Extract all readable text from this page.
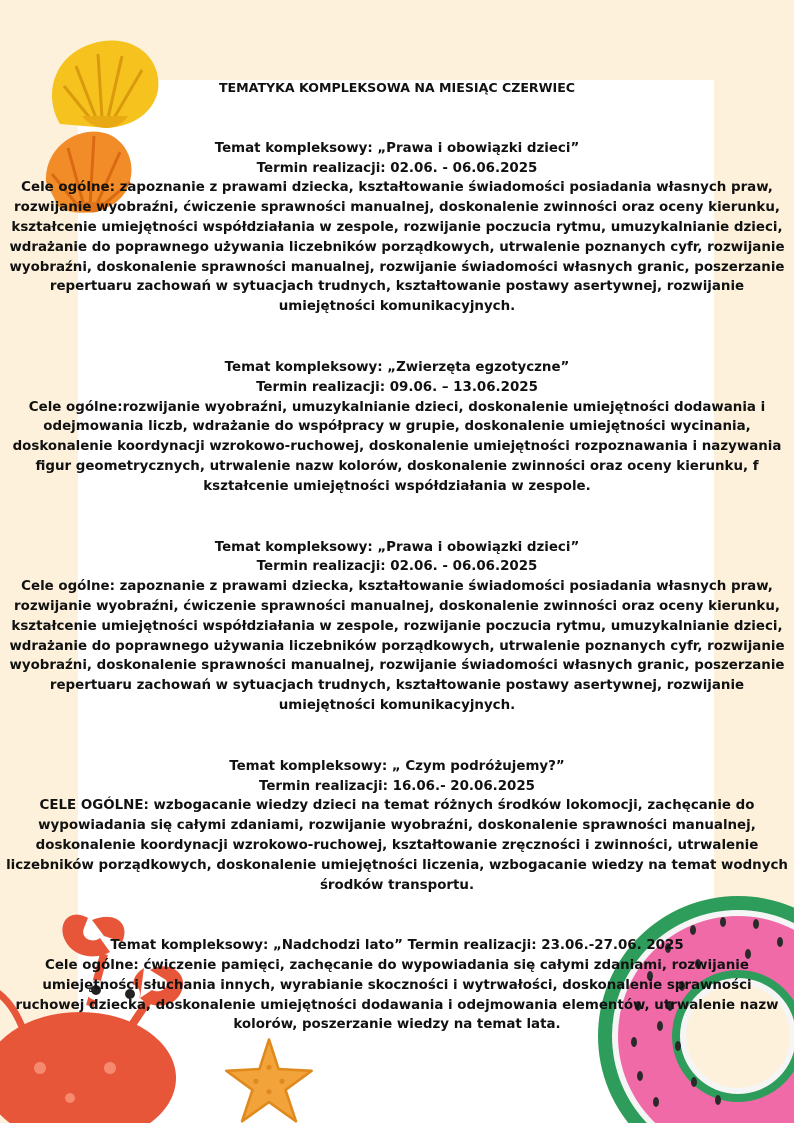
TEMATYKA KOMPLEKSOWA NA MIESIĄC CZERWIEC

Temat kompleksowy: „Prawa i obowiązki dzieci”

Termin realizacji: 02.06. - 06.06.2025

Cele ogólne: zapoznanie z prawami dziecka, kształtowanie świadomości posiadania własnych praw, rozwijanie wyobraźni, ćwiczenie sprawności manualnej, doskonalenie zwinności oraz oceny kierunku, kształcenie umiejętności współdziałania w zespole, rozwijanie poczucia rytmu, umuzykalnianie dzieci, wdrażanie do poprawnego używania liczebników porządkowych, utrwalenie poznanych cyfr, rozwijanie wyobraźni, doskonalenie sprawności manualnej, rozwijanie świadomości własnych granic, poszerzanie repertuaru zachowań w sytuacjach trudnych, kształtowanie postawy asertywnej, rozwijanie umiejętności komunikacyjnych.

Temat kompleksowy: „Zwierzęta egzotyczne”

Termin realizacji: 09.06. – 13.06.2025

Cele ogólne:rozwijanie wyobraźni, umuzykalnianie dzieci, doskonalenie umiejętności dodawania i odejmowania liczb, wdrażanie do współpracy w grupie, doskonalenie umiejętności wycinania, doskonalenie koordynacji wzrokowo-ruchowej, doskonalenie umiejętności rozpoznawania i nazywania figur geometrycznych, utrwalenie nazw kolorów, doskonalenie zwinności oraz oceny kierunku, f kształcenie umiejętności współdziałania w zespole.

Temat kompleksowy: „Prawa i obowiązki dzieci”

Termin realizacji: 02.06. - 06.06.2025

Cele ogólne: zapoznanie z prawami dziecka, kształtowanie świadomości posiadania własnych praw, rozwijanie wyobraźni, ćwiczenie sprawności manualnej, doskonalenie zwinności oraz oceny kierunku, kształcenie umiejętności współdziałania w zespole, rozwijanie poczucia rytmu, umuzykalnianie dzieci, wdrażanie do poprawnego używania liczebników porządkowych, utrwalenie poznanych cyfr, rozwijanie wyobraźni, doskonalenie sprawności manualnej, rozwijanie świadomości własnych granic, poszerzanie repertuaru zachowań w sytuacjach trudnych, kształtowanie postawy asertywnej, rozwijanie umiejętności komunikacyjnych.

Temat kompleksowy: „ Czym podróżujemy?”

Termin realizacji: 16.06.- 20.06.2025

CELE OGÓLNE: wzbogacanie wiedzy dzieci na temat różnych środków lokomocji, zachęcanie do wypowiadania się całymi zdaniami, rozwijanie wyobraźni, doskonalenie sprawności manualnej, doskonalenie koordynacji wzrokowo-ruchowej, kształtowanie zręczności i zwinności, utrwalenie liczebników porządkowych, doskonalenie umiejętności liczenia, wzbogacanie wiedzy na temat wodnych środków transportu.

Temat kompleksowy: „Nadchodzi lato” Termin realizacji: 23.06.-27.06. 2025

Cele ogólne: ćwiczenie pamięci, zachęcanie do wypowiadania się całymi zdaniami, rozwijanie umiejętności słuchania innych, wyrabianie skoczności i wytrwałości, doskonalenie sprawności ruchowej dziecka, doskonalenie umiejętności dodawania i odejmowania elementów, utrwalenie nazw kolorów, poszerzanie wiedzy na temat lata.
